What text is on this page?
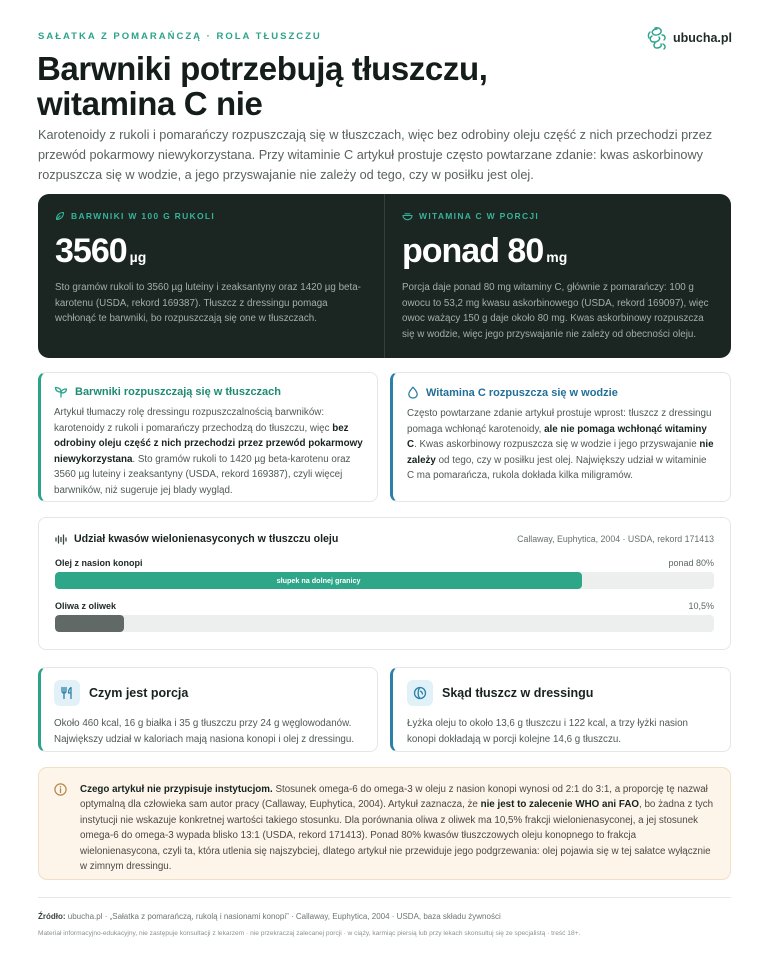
SAŁATKA Z POMARAŃCZĄ · ROLA TŁUSZCZU	ubucha.pl
Barwniki potrzebują tłuszczu, witamina C nie

Karotenoidy z rukoli i pomarańczy rozpuszczają się w tłuszczach, więc bez odrobiny oleju część z nich przechodzi przez przewód pokarmowy niewykorzystana. Przy witaminie C artykuł prostuje często powtarzane zdanie: kwas askorbinowy rozpuszcza się w wodzie, a jego przyswajanie nie zależy od tego, czy w posiłku jest olej.

BARWNIKI W 100 G RUKOLI
3560 µg

Sto gramów rukoli to 3560 µg luteiny i zeaksantyny oraz 1420 µg beta-karotenu (USDA, rekord 169387). Tłuszcz z dressingu pomaga wchłonąć te barwniki, bo rozpuszczają się one w tłuszczach.

WITAMINA C W PORCJI
ponad 80 mg

Porcja daje ponad 80 mg witaminy C, głównie z pomarańczy: 100 g owocu to 53,2 mg kwasu askorbinowego (USDA, rekord 169097), więc owoc ważący 150 g daje około 80 mg. Kwas askorbinowy rozpuszcza się w wodzie, więc jego przyswajanie nie zależy od obecności oleju.

Barwniki rozpuszczają się w tłuszczach

Artykuł tłumaczy rolę dressingu rozpuszczalnością barwników: karotenoidy z rukoli i pomarańczy przechodzą do tłuszczu, więc bez odrobiny oleju część z nich przechodzi przez przewód pokarmowy niewykorzystana. Sto gramów rukoli to 1420 µg beta-karotenu oraz 3560 µg luteiny i zeaksantyny (USDA, rekord 169387), czyli więcej barwników, niż sugeruje jej blady wygląd.

Witamina C rozpuszcza się w wodzie

Często powtarzane zdanie artykuł prostuje wprost: tłuszcz z dressingu pomaga wchłonąć karotenoidy, ale nie pomaga wchłonąć witaminy C. Kwas askorbinowy rozpuszcza się w wodzie i jego przyswajanie nie zależy od tego, czy w posiłku jest olej. Największy udział w witaminie C ma pomarańcza, rukola dokłada kilka miligramów.

Udział kwasów wielonienasyconych w tłuszczu oleju	Callaway, Euphytica, 2004 · USDA, rekord 171413
Olej z nasion konopi	ponad 80%
słupek na dolnej granicy
Oliwa z oliwek	10,5%
Czym jest porcja

Około 460 kcal, 16 g białka i 35 g tłuszczu przy 24 g węglowodanów. Największy udział w kaloriach mają nasiona konopi i olej z dressingu.

Skąd tłuszcz w dressingu

Łyżka oleju to około 13,6 g tłuszczu i 122 kcal, a trzy łyżki nasion konopi dokładają w porcji kolejne 14,6 g tłuszczu.

Czego artykuł nie przypisuje instytucjom. Stosunek omega-6 do omega-3 w oleju z nasion konopi wynosi od 2:1 do 3:1, a proporcję tę nazwał optymalną dla człowieka sam autor pracy (Callaway, Euphytica, 2004). Artykuł zaznacza, że nie jest to zalecenie WHO ani FAO, bo żadna z tych instytucji nie wskazuje konkretnej wartości takiego stosunku. Dla porównania oliwa z oliwek ma 10,5% frakcji wielonienasyconej, a jej stosunek omega-6 do omega-3 wypada blisko 13:1 (USDA, rekord 171413). Ponad 80% kwasów tłuszczowych oleju konopnego to frakcja wielonienasycona, czyli ta, która utlenia się najszybciej, dlatego artykuł nie przewiduje jego podgrzewania: olej pojawia się w tej sałatce wyłącznie w zimnym dressingu.

Źródło: ubucha.pl · „Sałatka z pomarańczą, rukolą i nasionami konopi” · Callaway, Euphytica, 2004 · USDA, baza składu żywności

Materiał informacyjno-edukacyjny, nie zastępuje konsultacji z lekarzem · nie przekraczaj zalecanej porcji · w ciąży, karmiąc piersią lub przy lekach skonsultuj się ze specjalistą · treść 18+.
